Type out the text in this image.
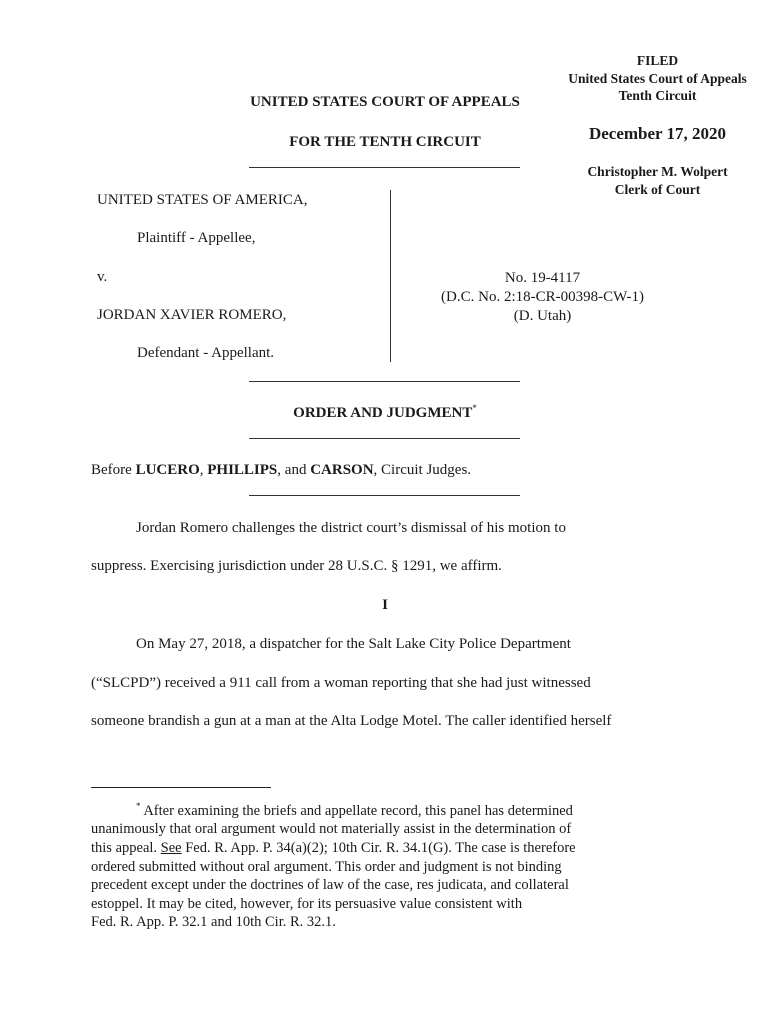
FILED
United States Court of Appeals
Tenth Circuit
December 17, 2020
Christopher M. Wolpert
Clerk of Court
UNITED STATES COURT OF APPEALS
FOR THE TENTH CIRCUIT
UNITED STATES OF AMERICA,
Plaintiff - Appellee,
v.
JORDAN XAVIER ROMERO,
Defendant - Appellant.
No. 19-4117
(D.C. No. 2:18-CR-00398-CW-1)
(D. Utah)
ORDER AND JUDGMENT*
Before LUCERO, PHILLIPS, and CARSON, Circuit Judges.
Jordan Romero challenges the district court’s dismissal of his motion to
suppress. Exercising jurisdiction under 28 U.S.C. § 1291, we affirm.
I
On May 27, 2018, a dispatcher for the Salt Lake City Police Department
(“SLCPD”) received a 911 call from a woman reporting that she had just witnessed
someone brandish a gun at a man at the Alta Lodge Motel. The caller identified herself
* After examining the briefs and appellate record, this panel has determined
unanimously that oral argument would not materially assist in the determination of
this appeal. See Fed. R. App. P. 34(a)(2); 10th Cir. R. 34.1(G). The case is therefore
ordered submitted without oral argument. This order and judgment is not binding
precedent except under the doctrines of law of the case, res judicata, and collateral
estoppel. It may be cited, however, for its persuasive value consistent with
Fed. R. App. P. 32.1 and 10th Cir. R. 32.1.
